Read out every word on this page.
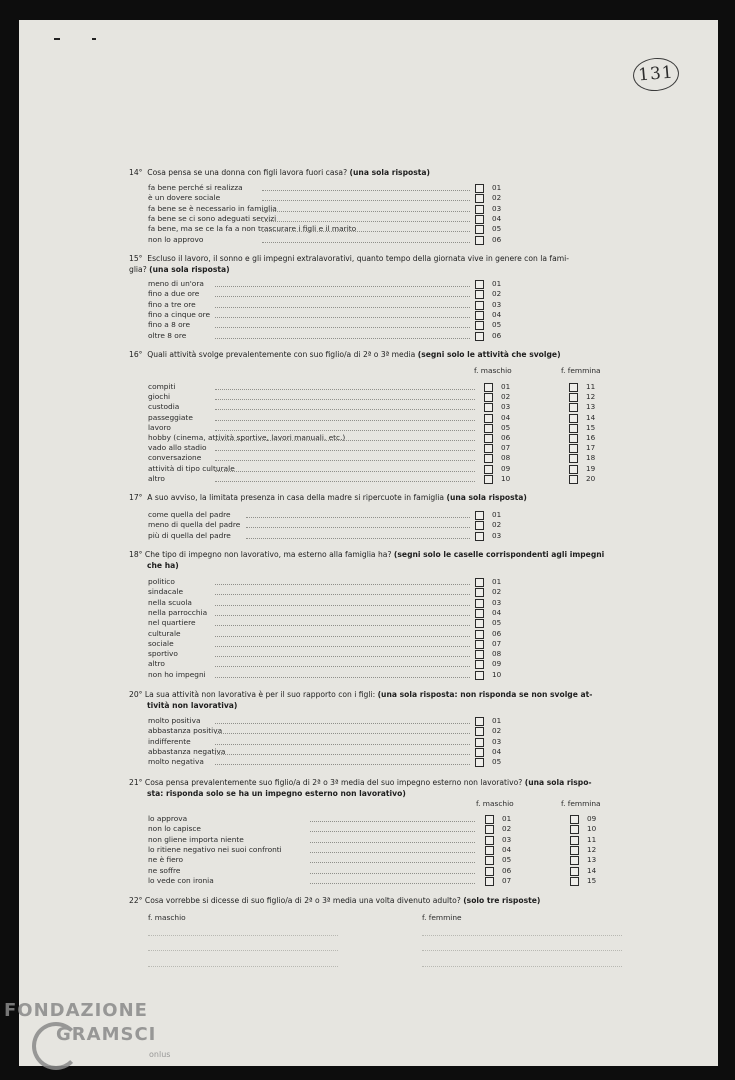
131
14° Cosa pensa se una donna con figli lavora fuori casa? (una sola risposta)
15° Escluso il lavoro, il sonno e gli impegni extralavorativi, quanto tempo della giornata vive in genere con la fami-
glia? (una sola risposta)
16° Quali attività svolge prevalentemente con suo figlio/a di 2ª o 3ª media (segni solo le attività che svolge)
f. maschio	f. femmina
17° A suo avviso, la limitata presenza in casa della madre si ripercuote in famiglia (una sola risposta)
18° Che tipo di impegno non lavorativo, ma esterno alla famiglia ha? (segni solo le caselle corrispondenti agli impegni
che ha)
20° La sua attività non lavorativa è per il suo rapporto con i figli: (una sola risposta: non risponda se non svolge at-
tività non lavorativa)
21° Cosa pensa prevalentemente suo figlio/a di 2ª o 3ª media del suo impegno esterno non lavorativo? (una sola rispo-
sta: risponda solo se ha un impegno esterno non lavorativo)
f. maschio	f. femmina
22° Cosa vorrebbe si dicesse di suo figlio/a di 2ª o 3ª media una volta divenuto adulto? (solo tre risposte)
f. maschio	f. femmine
fa bene perché si realizza	01
è un dovere sociale	02
fa bene se è necessario in famiglia	03
fa bene se ci sono adeguati servizi	04
fa bene, ma se ce la fa a non trascurare i figli e il marito	05
non lo approvo	06
meno di un'ora	01
fino a due ore	02
fino a tre ore	03
fino a cinque ore	04
fino a 8 ore	05
oltre 8 ore	06
compiti	01	11
giochi	02	12
custodia	03	13
passeggiate	04	14
lavoro	05	15
hobby (cinema, attività sportive, lavori manuali, etc.)	06	16
vado allo stadio	07	17
conversazione	08	18
attività di tipo culturale	09	19
altro	10	20
come quella del padre	01
meno di quella del padre	02
più di quella del padre	03
politico	01
sindacale	02
nella scuola	03
nella parrocchia	04
nel quartiere	05
culturale	06
sociale	07
sportivo	08
altro	09
non ho impegni	10
molto positiva	01
abbastanza positiva	02
indifferente	03
abbastanza negativa	04
molto negativa	05
lo approva	01	09
non lo capisce	02	10
non gliene importa niente	03	11
lo ritiene negativo nei suoi confronti	04	12
ne è fiero	05	13
ne soffre	06	14
lo vede con ironia	07	15
FONDAZIONE
GRAMSCI
onlus
